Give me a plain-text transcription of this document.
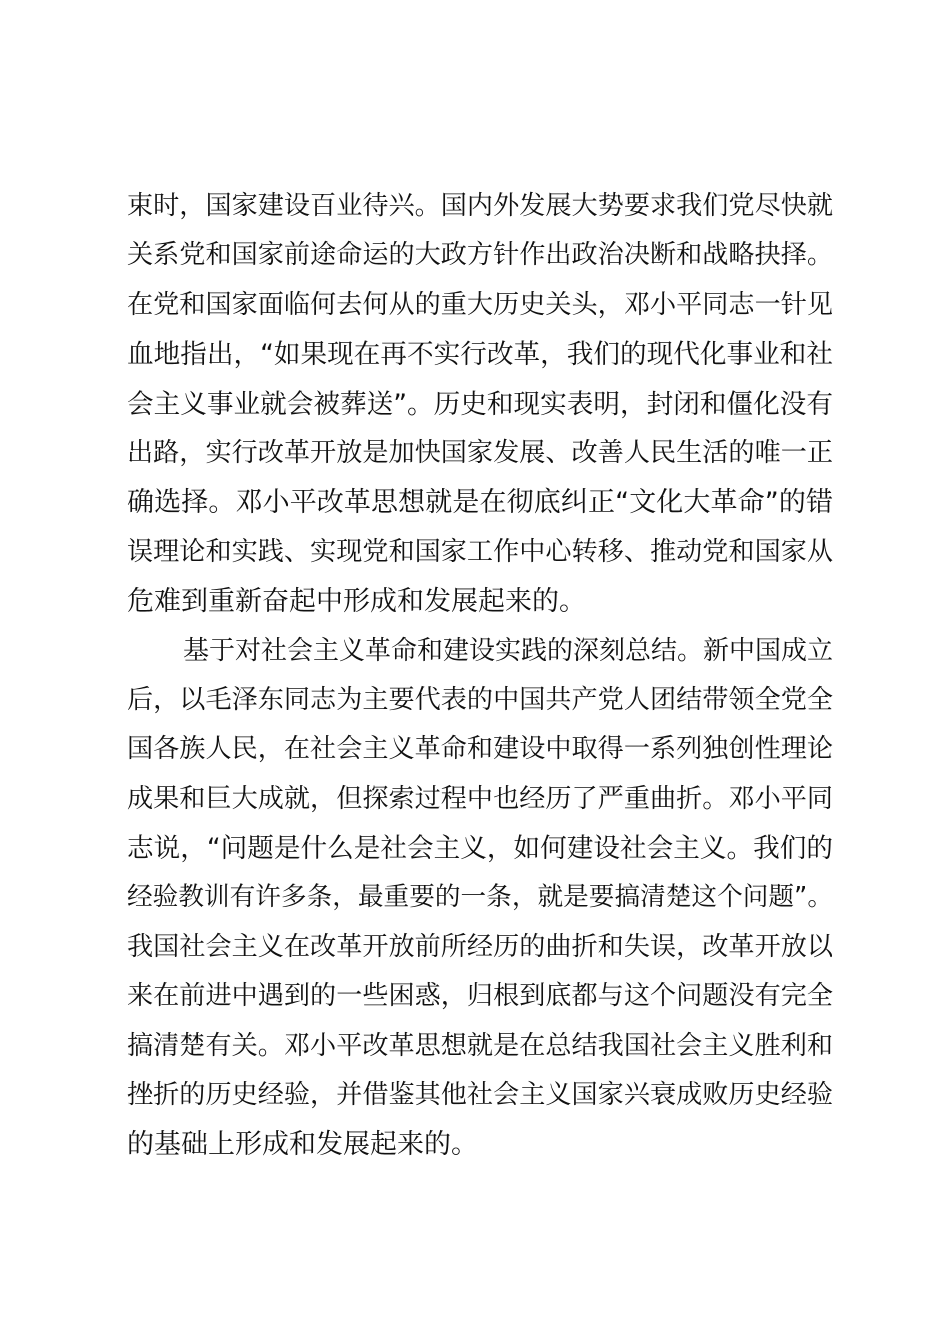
束时，国家建设百业待兴。国内外发展大势要求我们党尽快就
关系党和国家前途命运的大政方针作出政治决断和战略抉择。
在党和国家面临何去何从的重大历史关头，邓小平同志一针见
血地指出，“如果现在再不实行改革，我们的现代化事业和社
会主义事业就会被葬送”。历史和现实表明，封闭和僵化没有
出路，实行改革开放是加快国家发展、改善人民生活的唯一正
确选择。邓小平改革思想就是在彻底纠正“文化大革命”的错
误理论和实践、实现党和国家工作中心转移、推动党和国家从
危难到重新奋起中形成和发展起来的。
基于对社会主义革命和建设实践的深刻总结。新中国成立
后，以毛泽东同志为主要代表的中国共产党人团结带领全党全
国各族人民，在社会主义革命和建设中取得一系列独创性理论
成果和巨大成就，但探索过程中也经历了严重曲折。邓小平同
志说，“问题是什么是社会主义，如何建设社会主义。我们的
经验教训有许多条，最重要的一条，就是要搞清楚这个问题”。
我国社会主义在改革开放前所经历的曲折和失误，改革开放以
来在前进中遇到的一些困惑，归根到底都与这个问题没有完全
搞清楚有关。邓小平改革思想就是在总结我国社会主义胜利和
挫折的历史经验，并借鉴其他社会主义国家兴衰成败历史经验
的基础上形成和发展起来的。
